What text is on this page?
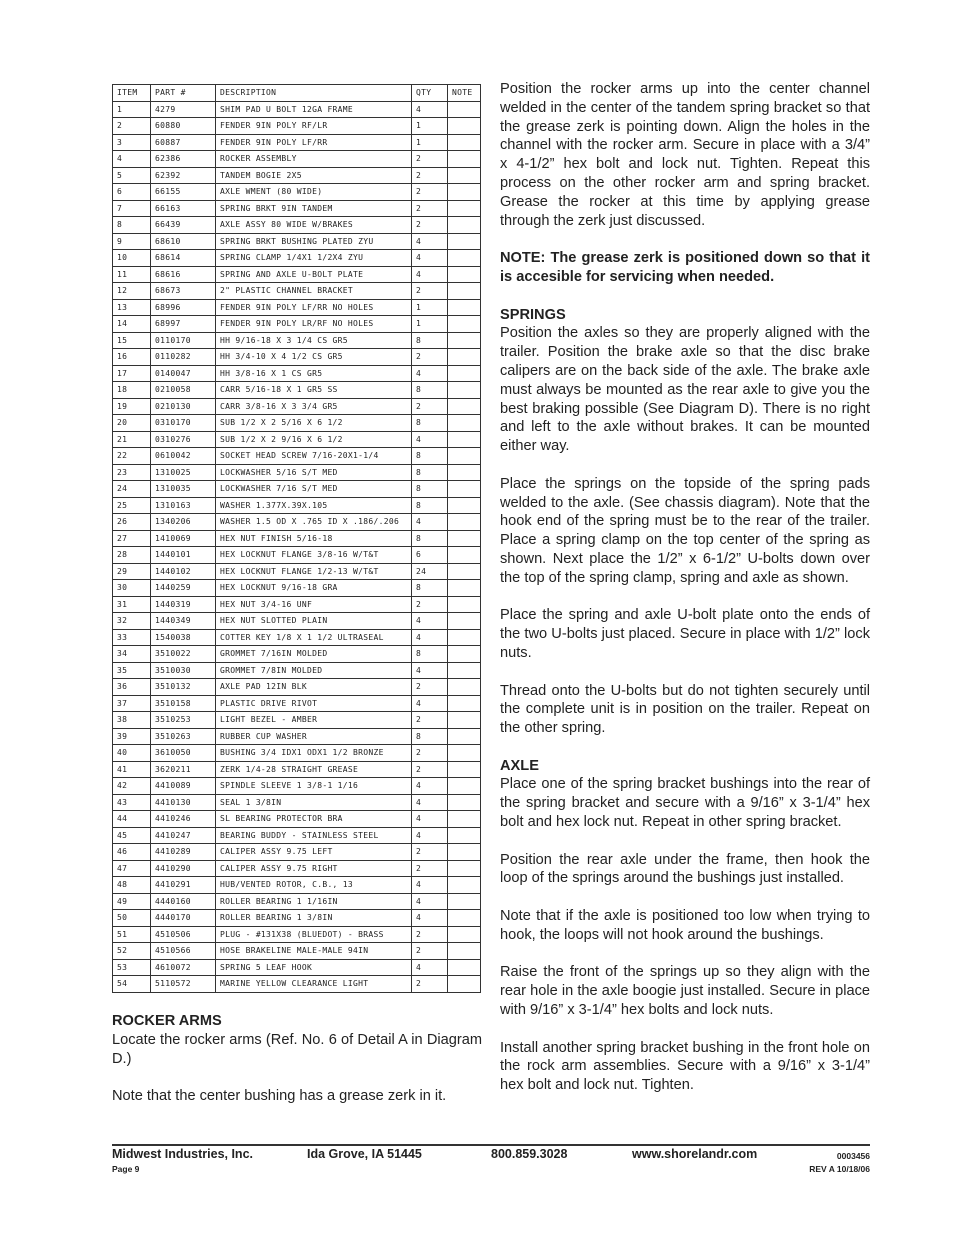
ITEM	PART #	DESCRIPTION	QTY	NOTE
1	4279	SHIM PAD U BOLT 12GA FRAME	4	
2	60880	FENDER 9IN POLY RF/LR	1	
3	60887	FENDER 9IN POLY LF/RR	1	
4	62386	ROCKER ASSEMBLY	2	
5	62392	TANDEM BOGIE 2X5	2	
6	66155	AXLE WMENT (80 WIDE)	2	
7	66163	SPRING BRKT 9IN TANDEM	2	
8	66439	AXLE ASSY 80 WIDE W/BRAKES	2	
9	68610	SPRING BRKT BUSHING PLATED ZYU	4	
10	68614	SPRING CLAMP 1/4X1 1/2X4 ZYU	4	
11	68616	SPRING AND AXLE U-BOLT PLATE	4	
12	68673	2" PLASTIC CHANNEL BRACKET	2	
13	68996	FENDER 9IN POLY LF/RR NO HOLES	1	
14	68997	FENDER 9IN POLY LR/RF NO HOLES	1	
15	0110170	HH 9/16-18 X 3 1/4 CS GR5	8	
16	0110282	HH 3/4-10 X 4 1/2 CS GR5	2	
17	0140047	HH 3/8-16 X 1 CS GR5	4	
18	0210058	CARR 5/16-18 X 1 GR5 SS	8	
19	0210130	CARR 3/8-16 X 3 3/4 GR5	2	
20	0310170	SUB 1/2 X 2 5/16 X 6 1/2	8	
21	0310276	SUB 1/2 X 2 9/16 X 6 1/2	4	
22	0610042	SOCKET HEAD SCREW 7/16-20X1-1/4	8	
23	1310025	LOCKWASHER 5/16 S/T MED	8	
24	1310035	LOCKWASHER 7/16 S/T MED	8	
25	1310163	WASHER 1.377X.39X.105	8	
26	1340206	WASHER 1.5 OD X .765 ID X .186/.206	4	
27	1410069	HEX NUT FINISH 5/16-18	8	
28	1440101	HEX LOCKNUT FLANGE 3/8-16 W/T&T	6	
29	1440102	HEX LOCKNUT FLANGE 1/2-13 W/T&T	24	
30	1440259	HEX LOCKNUT 9/16-18 GRA	8	
31	1440319	HEX NUT 3/4-16 UNF	2	
32	1440349	HEX NUT SLOTTED PLAIN	4	
33	1540038	COTTER KEY 1/8 X 1 1/2 ULTRASEAL	4	
34	3510022	GROMMET 7/16IN MOLDED	8	
35	3510030	GROMMET 7/8IN MOLDED	4	
36	3510132	AXLE PAD 12IN BLK	2	
37	3510158	PLASTIC DRIVE RIVOT	4	
38	3510253	LIGHT BEZEL - AMBER	2	
39	3510263	RUBBER CUP WASHER	8	
40	3610050	BUSHING 3/4 IDX1 ODX1 1/2 BRONZE	2	
41	3620211	ZERK 1/4-28 STRAIGHT GREASE	2	
42	4410089	SPINDLE SLEEVE 1 3/8-1 1/16	4	
43	4410130	SEAL 1 3/8IN	4	
44	4410246	SL BEARING PROTECTOR BRA	4	
45	4410247	BEARING BUDDY - STAINLESS STEEL	4	
46	4410289	CALIPER ASSY 9.75 LEFT	2	
47	4410290	CALIPER ASSY 9.75 RIGHT	2	
48	4410291	HUB/VENTED ROTOR, C.B., 13	4	
49	4440160	ROLLER BEARING 1 1/16IN	4	
50	4440170	ROLLER BEARING 1 3/8IN	4	
51	4510506	PLUG - #131X38 (BLUEDOT) - BRASS	2	
52	4510566	HOSE BRAKELINE MALE-MALE 94IN	2	
53	4610072	SPRING 5 LEAF HOOK	4	
54	5110572	MARINE YELLOW CLEARANCE LIGHT	2	
ROCKER ARMS

Locate the rocker arms (Ref. No. 6 of Detail A in Diagram D.)

Note that the center bushing has a grease zerk in it.

Position the rocker arms up into the center channel welded in the center of the tandem spring bracket so that the grease zerk is pointing down. Align the holes in the channel with the rocker arm. Secure in place with a 3/4” x 4-1/2” hex bolt and lock nut. Tighten. Repeat this process on the other rocker arm and spring bracket. Grease the rocker at this time by applying grease through the zerk just discussed.

NOTE: The grease zerk is positioned down so that it is accesible for servicing when needed.

SPRINGS

Position the axles so they are properly aligned with the trailer. Position the brake axle so that the disc brake calipers are on the back side of the axle. The brake axle must always be mounted as the rear axle to give you the best braking possible (See Diagram D). There is no right and left to the axle without brakes. It can be mounted either way.

Place the springs on the topside of the spring pads welded to the axle. (See chassis diagram). Note that the hook end of the spring must be to the rear of the trailer. Place a spring clamp on the top center of the spring as shown. Next place the 1/2” x 6-1/2” U-bolts down over the top of the spring clamp, spring and axle as shown.

Place the spring and axle U-bolt plate onto the ends of the two U-bolts just placed. Secure in place with 1/2” lock nuts.

Thread onto the U-bolts but do not tighten securely until the complete unit is in position on the trailer. Repeat on the other spring.

AXLE

Place one of the spring bracket bushings into the rear of the spring bracket and secure with a 9/16” x 3-1/4” hex bolt and hex lock nut. Repeat in other spring bracket.

Position the rear axle under the frame, then hook the loop of the springs around the bushings just installed.

Note that if the axle is positioned too low when trying to hook, the loops will not hook around the bushings.

Raise the front of the springs up so they align with the rear hole in the axle boogie just installed. Secure in place with 9/16” x 3-1/4” hex bolts and lock nuts.

Install another spring bracket bushing in the front hole on the rock arm assemblies. Secure with a 9/16” x 3-1/4” hex bolt and lock nut. Tighten.

Midwest Industries, Inc.	Ida Grove, IA 51445	800.859.3028	www.shorelandr.com	0003456
Page 9	REV A 10/18/06
